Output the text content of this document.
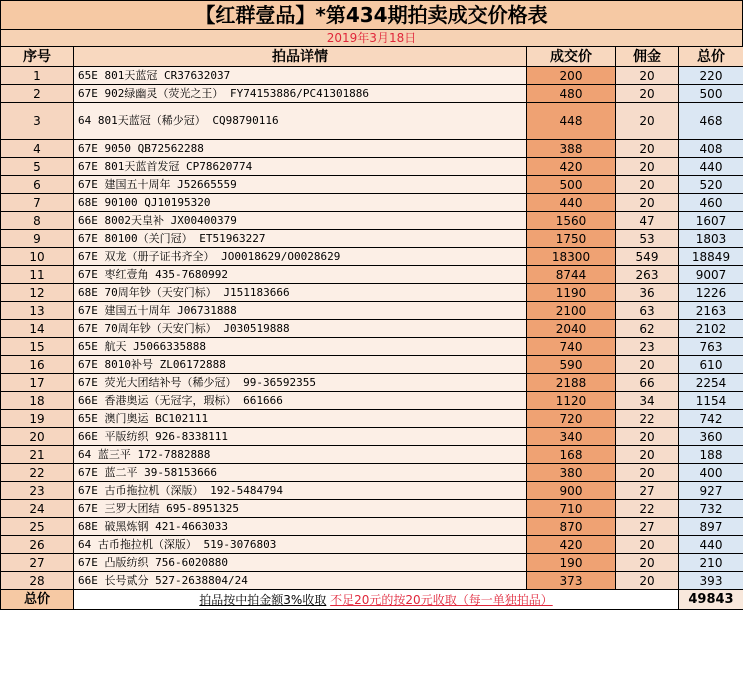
【红群壹品】*第434期拍卖成交价格表
2019年3月18日
序号	拍品详情	成交价	佣金	总价
1	65E 801天蓝冠 CR37632037	200	20	220
2	67E 902绿幽灵（荧光之王） FY74153886/PC41301886	480	20	500
3	64 801天蓝冠（稀少冠） CQ98790116	448	20	468
4	67E 9050 QB72562288	388	20	408
5	67E 801天蓝首发冠 CP78620774	420	20	440
6	67E 建国五十周年 J52665559	500	20	520
7	68E 90100 QJ10195320	440	20	460
8	66E 8002天皇补 JX00400379	1560	47	1607
9	67E 80100（关门冠） ET51963227	1750	53	1803
10	67E 双龙（册子证书齐全） JO0018629/O0028629	18300	549	18849
11	67E 枣红壹角 435-7680992	8744	263	9007
12	68E 70周年钞（天安门标） J151183666	1190	36	1226
13	67E 建国五十周年 J06731888	2100	63	2163
14	67E 70周年钞（天安门标） J030519888	2040	62	2102
15	65E 航天 J5066335888	740	23	763
16	67E 8010补号 ZL06172888	590	20	610
17	67E 荧光大团结补号（稀少冠） 99-36592355	2188	66	2254
18	66E 香港奥运（无冠字，瑕标） 661666	1120	34	1154
19	65E 澳门奥运 BC102111	720	22	742
20	66E 平版纺织 926-8338111	340	20	360
21	64 蓝三平 172-7882888	168	20	188
22	67E 蓝二平 39-58153666	380	20	400
23	67E 古币拖拉机（深版） 192-5484794	900	27	927
24	67E 三罗大团结 695-8951325	710	22	732
25	68E 破黑炼钢 421-4663033	870	27	897
26	64 古币拖拉机（深版） 519-3076803	420	20	440
27	67E 凸版纺织 756-6020880	190	20	210
28	66E 长号贰分 527-2638804/24	373	20	393
总价	拍品按中拍金额3%收取 不足20元的按20元收取（每一单独拍品）			49843
